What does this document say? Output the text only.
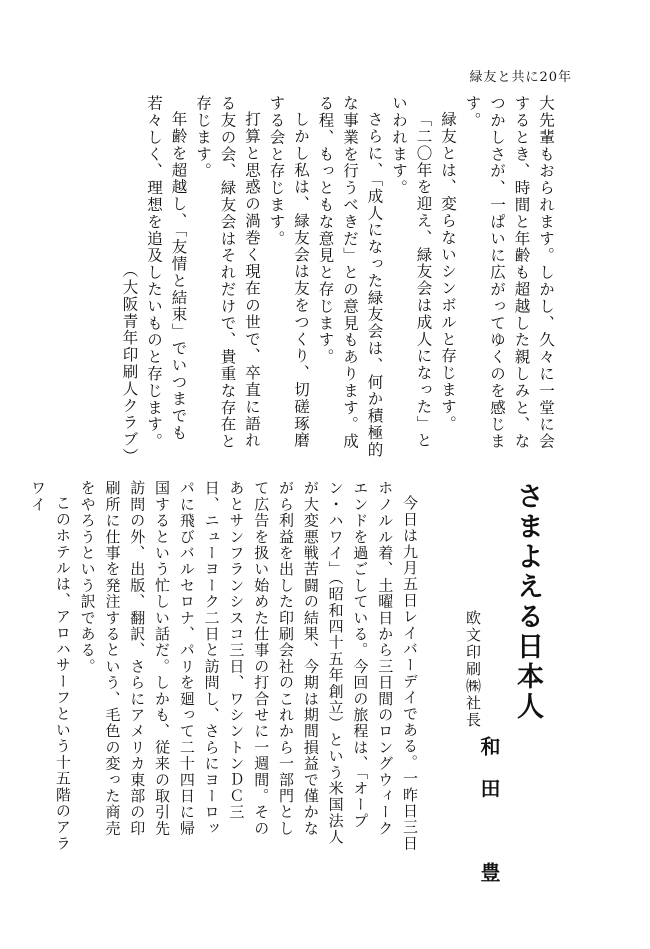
緑友と共に20年

大先輩もおられます。しかし、久々に一堂に会するとき、時間と年齢も超越した親しみと、なつかしさが、一ぱいに広がってゆくのを感じます。

緑友とは、変らないシンボルと存じます。

「二〇年を迎え、緑友会は成人になった」といわれます。

さらに、「成人になった緑友会は、何か積極的な事業を行うべきだ」との意見もあります。成る程、もっともな意見と存じます。

しかし私は、緑友会は友をつくり、切磋琢磨する会と存じます。

打算と思惑の渦巻く現在の世で、卒直に語れる友の会、緑友会はそれだけで、貴重な存在と存じます。

年齢を超越し、「友情と結束」でいつまでも若々しく、理想を追及したいものと存じます。

（大阪青年印刷人クラブ）

さまよえる日本人
欧文印刷㈱社長
和田　豊

今日は九月五日レイバーデイである。一昨日三日ホノルル着、土曜日から三日間のロングウィークエンドを過ごしている。今回の旅程は、「オープン・ハワイ」（昭和四十五年創立）という米国法人が大変悪戦苦闘の結果、今期は期間損益で僅かながら利益を出した印刷会社のこれから一部門として広告を扱い始めた仕事の打合せに一週間。そのあとサンフランシスコ三日、ワシントンＤＣ三日、ニューヨーク二日と訪問し、さらにヨーロッパに飛びバルセロナ、パリを廻って二十四日に帰国するという忙しい話だ。しかも、従来の取引先訪問の外、出版、翻訳、さらにアメリカ東部の印刷所に仕事を発注するという、毛色の変った商売をやろうという訳である。

このホテルは、アロハサーフという十五階のアラワイ
